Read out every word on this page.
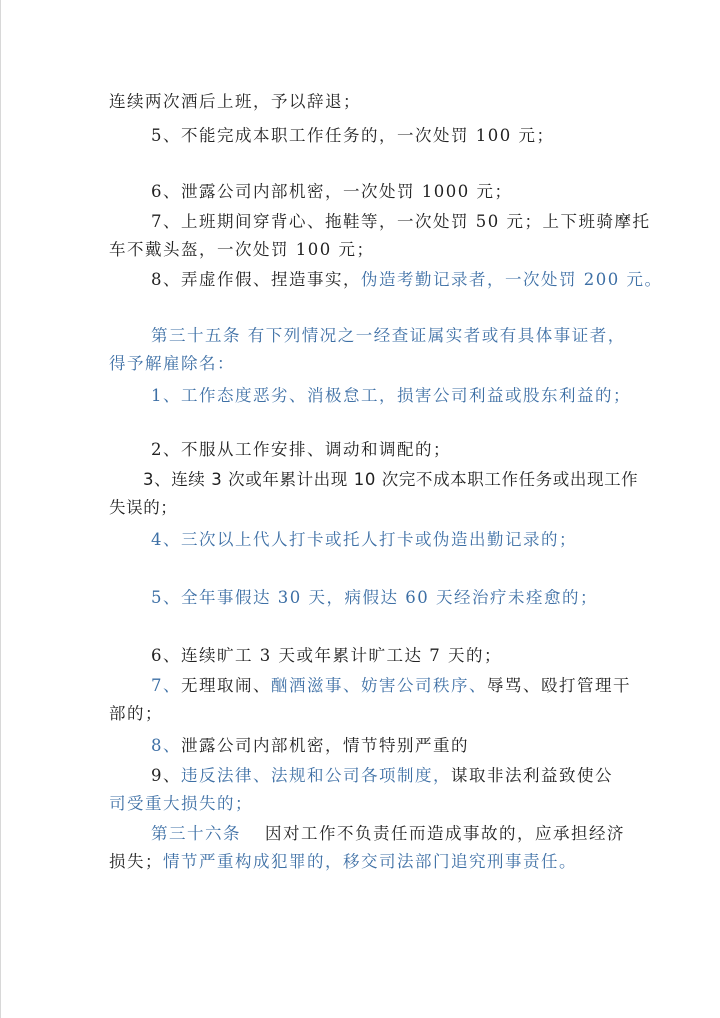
连续两次酒后上班，予以辞退；
5、不能完成本职工作任务的，一次处罚 100 元；
6、泄露公司内部机密，一次处罚 1000 元；
7、上班期间穿背心、拖鞋等，一次处罚 50 元；上下班骑摩托
车不戴头盔，一次处罚 100 元；
8、弄虚作假、捏造事实，伪造考勤记录者，一次处罚 200 元。
第三十五条 有下列情况之一经查证属实者或有具体事证者，
得予解雇除名：
1、工作态度恶劣、消极怠工，损害公司利益或股东利益的；
2、不服从工作安排、调动和调配的；
3、连续 3 次或年累计出现 10 次完不成本职工作任务或出现工作
失误的；
4、三次以上代人打卡或托人打卡或伪造出勤记录的；
5、全年事假达 30 天，病假达 60 天经治疗未痊愈的；
6、连续旷工 3 天或年累计旷工达 7 天的；
7、无理取闹、酗酒滋事、妨害公司秩序、辱骂、殴打管理干
部的；
8、泄露公司内部机密，情节特别严重的
9、违反法律、法规和公司各项制度，谋取非法利益致使公
司受重大损失的；
第三十六条 因对工作不负责任而造成事故的，应承担经济
损失；情节严重构成犯罪的，移交司法部门追究刑事责任。
